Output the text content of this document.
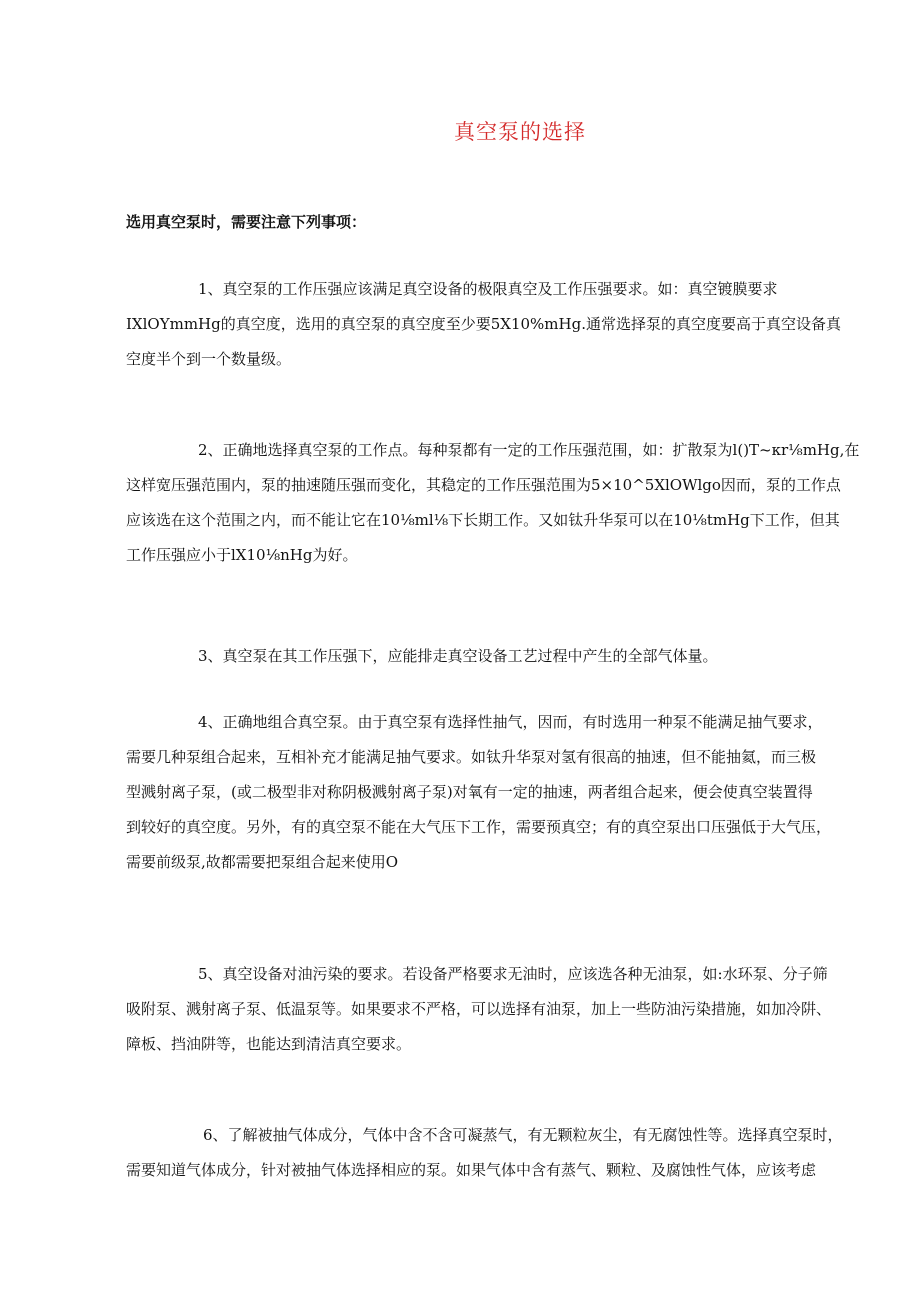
真空泵的选择
选用真空泵时，需要注意下列事项：
1、真空泵的工作压强应该满足真空设备的极限真空及工作压强要求。如：真空镀膜要求
IXlOYmmHg的真空度，选用的真空泵的真空度至少要5X10%mHg.通常选择泵的真空度要高于真空设备真
空度半个到一个数量级。
2、正确地选择真空泵的工作点。每种泵都有一定的工作压强范围，如：扩散泵为l()T~κr⅛mHg,在
这样宽压强范围内，泵的抽速随压强而变化，其稳定的工作压强范围为5×10^5XlOWlgo因而，泵的工作点
应该选在这个范围之内，而不能让它在10⅛ml⅛下长期工作。又如钛升华泵可以在10⅛tmHg下工作，但其
工作压强应小于lX10⅛nHg为好。
3、真空泵在其工作压强下，应能排走真空设备工艺过程中产生的全部气体量。
4、正确地组合真空泵。由于真空泵有选择性抽气，因而，有时选用一种泵不能满足抽气要求，
需要几种泵组合起来，互相补充才能满足抽气要求。如钛升华泵对氢有很高的抽速，但不能抽氦，而三极
型溅射离子泵，(或二极型非对称阴极溅射离子泵)对氧有一定的抽速，两者组合起来，便会使真空装置得
到较好的真空度。另外，有的真空泵不能在大气压下工作，需要预真空；有的真空泵出口压强低于大气压，
需要前级泵,故都需要把泵组合起来使用O
5、真空设备对油污染的要求。若设备严格要求无油时，应该选各种无油泵，如:水环泵、分子筛
吸附泵、溅射离子泵、低温泵等。如果要求不严格，可以选择有油泵，加上一些防油污染措施，如加冷阱、
障板、挡油阱等，也能达到清洁真空要求。
6、了解被抽气体成分，气体中含不含可凝蒸气，有无颗粒灰尘，有无腐蚀性等。选择真空泵时，
需要知道气体成分，针对被抽气体选择相应的泵。如果气体中含有蒸气、颗粒、及腐蚀性气体，应该考虑
